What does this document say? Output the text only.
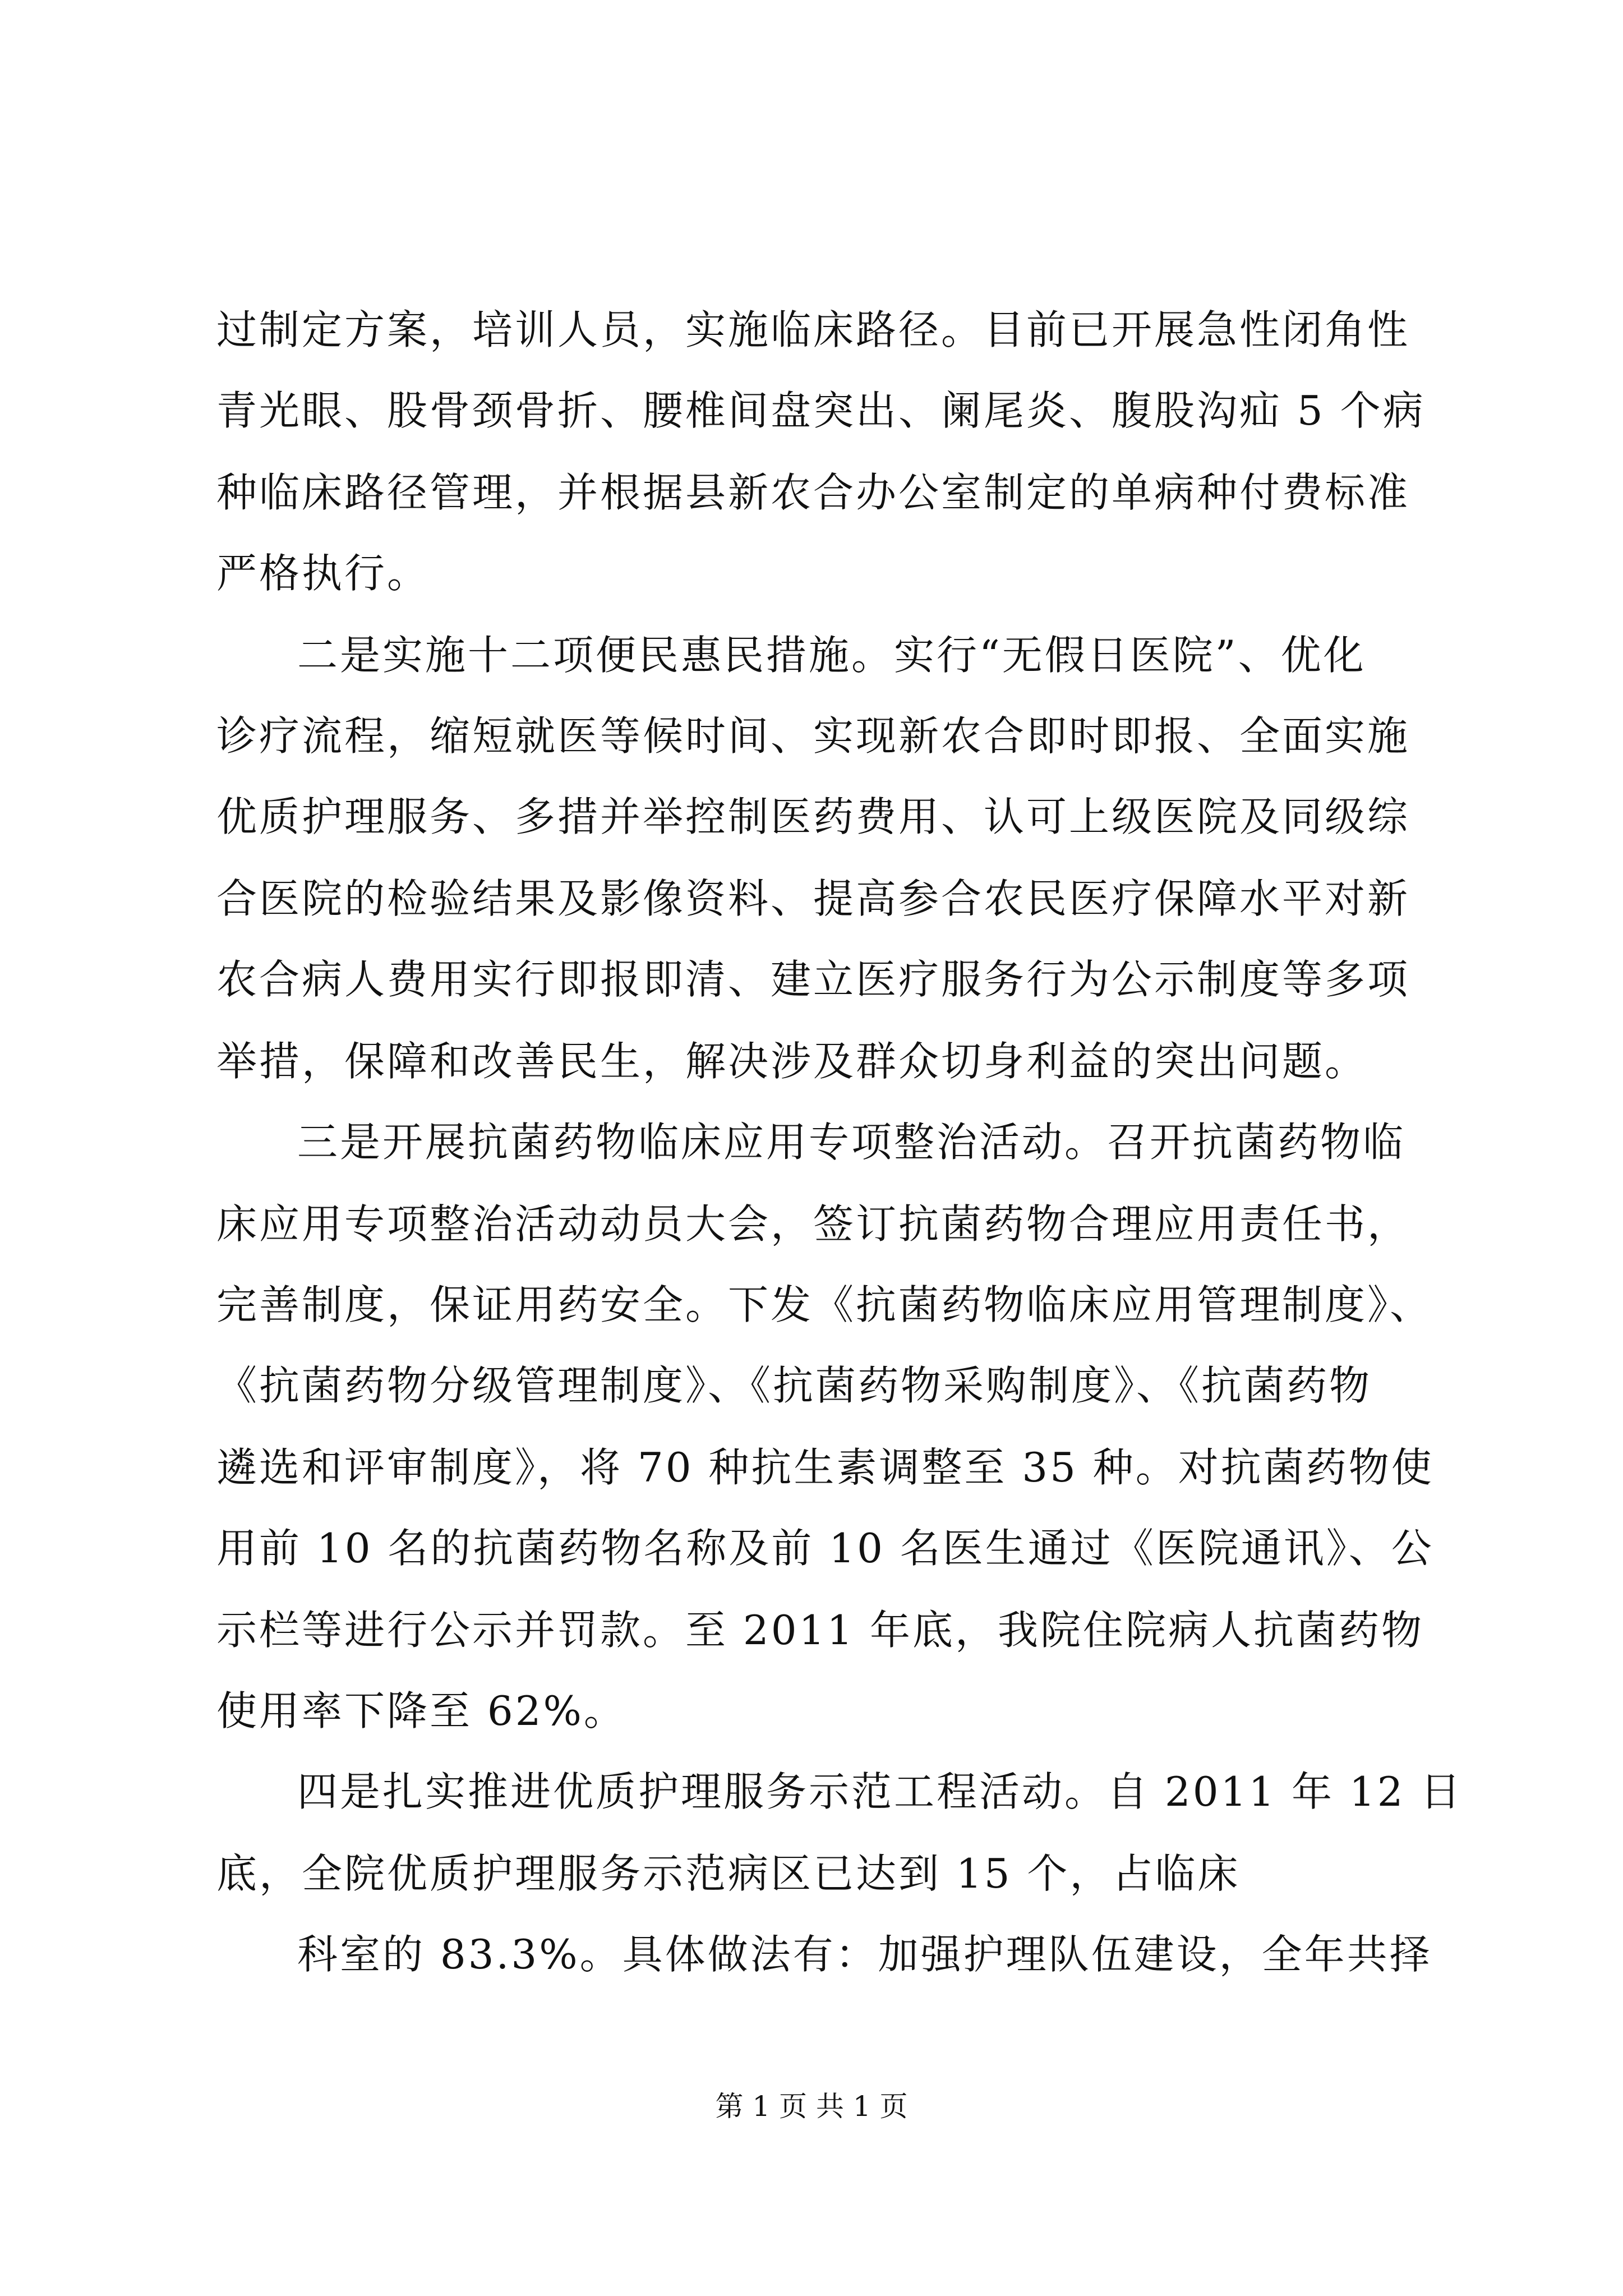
过制定方案，培训人员，实施临床路径。目前已开展急性闭角性
青光眼、股骨颈骨折、腰椎间盘突出、阑尾炎、腹股沟疝 5 个病
种临床路径管理，并根据县新农合办公室制定的单病种付费标准
严格执行。
二是实施十二项便民惠民措施。实行“无假日医院”、优化
诊疗流程，缩短就医等候时间、实现新农合即时即报、全面实施
优质护理服务、多措并举控制医药费用、认可上级医院及同级综
合医院的检验结果及影像资料、提高参合农民医疗保障水平对新
农合病人费用实行即报即清、建立医疗服务行为公示制度等多项
举措，保障和改善民生，解决涉及群众切身利益的突出问题。
三是开展抗菌药物临床应用专项整治活动。召开抗菌药物临
床应用专项整治活动动员大会，签订抗菌药物合理应用责任书，
完善制度，保证用药安全。下发《抗菌药物临床应用管理制度》、
《抗菌药物分级管理制度》、《抗菌药物采购制度》、《抗菌药物
遴选和评审制度》，将 70 种抗生素调整至 35 种。对抗菌药物使
用前 10 名的抗菌药物名称及前 10 名医生通过《医院通讯》、公
示栏等进行公示并罚款。至 2011 年底，我院住院病人抗菌药物
使用率下降至 62%。
四是扎实推进优质护理服务示范工程活动。自 2011 年 12 日
底，全院优质护理服务示范病区已达到 15 个，占临床
科室的 83.3%。具体做法有：加强护理队伍建设，全年共择
第 1 页 共 1 页
